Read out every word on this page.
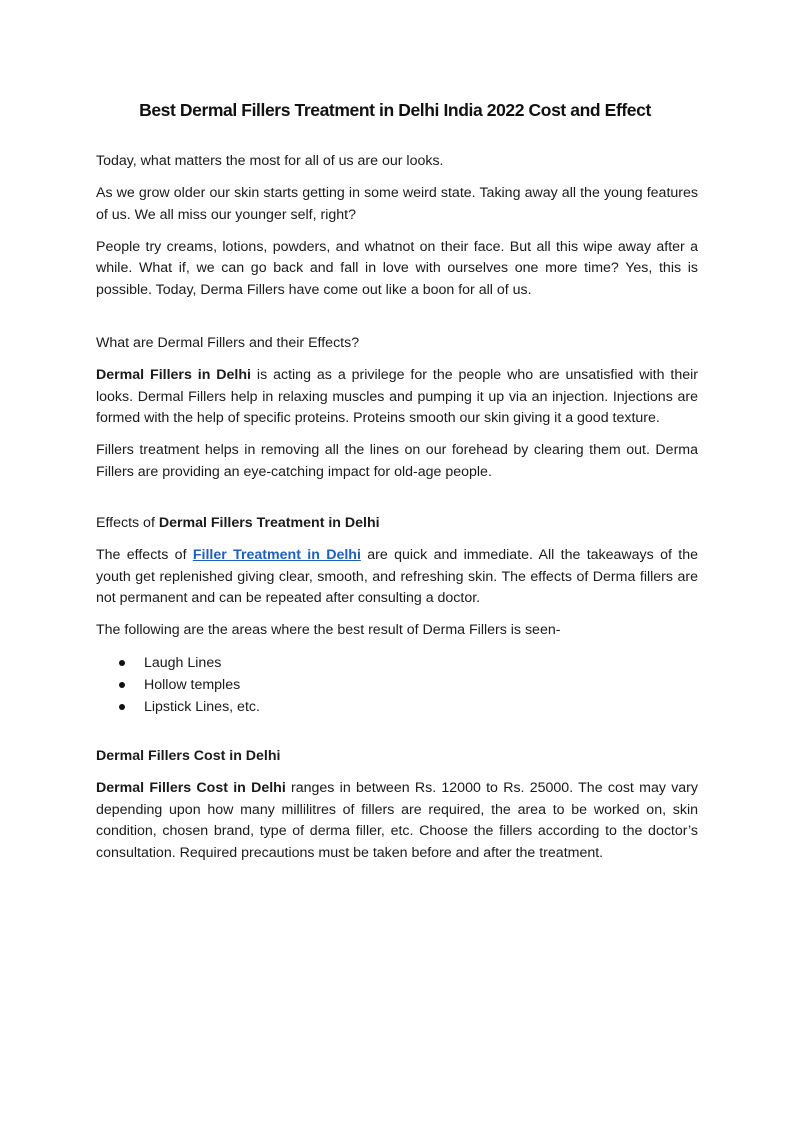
Best Dermal Fillers Treatment in Delhi India 2022 Cost and Effect

Today, what matters the most for all of us are our looks.

As we grow older our skin starts getting in some weird state. Taking away all the young features of us. We all miss our younger self, right?

People try creams, lotions, powders, and whatnot on their face. But all this wipe away after a while. What if, we can go back and fall in love with ourselves one more time? Yes, this is possible. Today, Derma Fillers have come out like a boon for all of us.

What are Dermal Fillers and their Effects?

Dermal Fillers in Delhi is acting as a privilege for the people who are unsatisfied with their looks. Dermal Fillers help in relaxing muscles and pumping it up via an injection. Injections are formed with the help of specific proteins. Proteins smooth our skin giving it a good texture.

Fillers treatment helps in removing all the lines on our forehead by clearing them out. Derma Fillers are providing an eye-catching impact for old-age people.

Effects of Dermal Fillers Treatment in Delhi

The effects of Filler Treatment in Delhi are quick and immediate. All the takeaways of the youth get replenished giving clear, smooth, and refreshing skin. The effects of Derma fillers are not permanent and can be repeated after consulting a doctor.

The following are the areas where the best result of Derma Fillers is seen-

Laugh Lines
Hollow temples
Lipstick Lines, etc.

Dermal Fillers Cost in Delhi

Dermal Fillers Cost in Delhi ranges in between Rs. 12000 to Rs. 25000. The cost may vary depending upon how many millilitres of fillers are required, the area to be worked on, skin condition, chosen brand, type of derma filler, etc. Choose the fillers according to the doctor’s consultation. Required precautions must be taken before and after the treatment.
